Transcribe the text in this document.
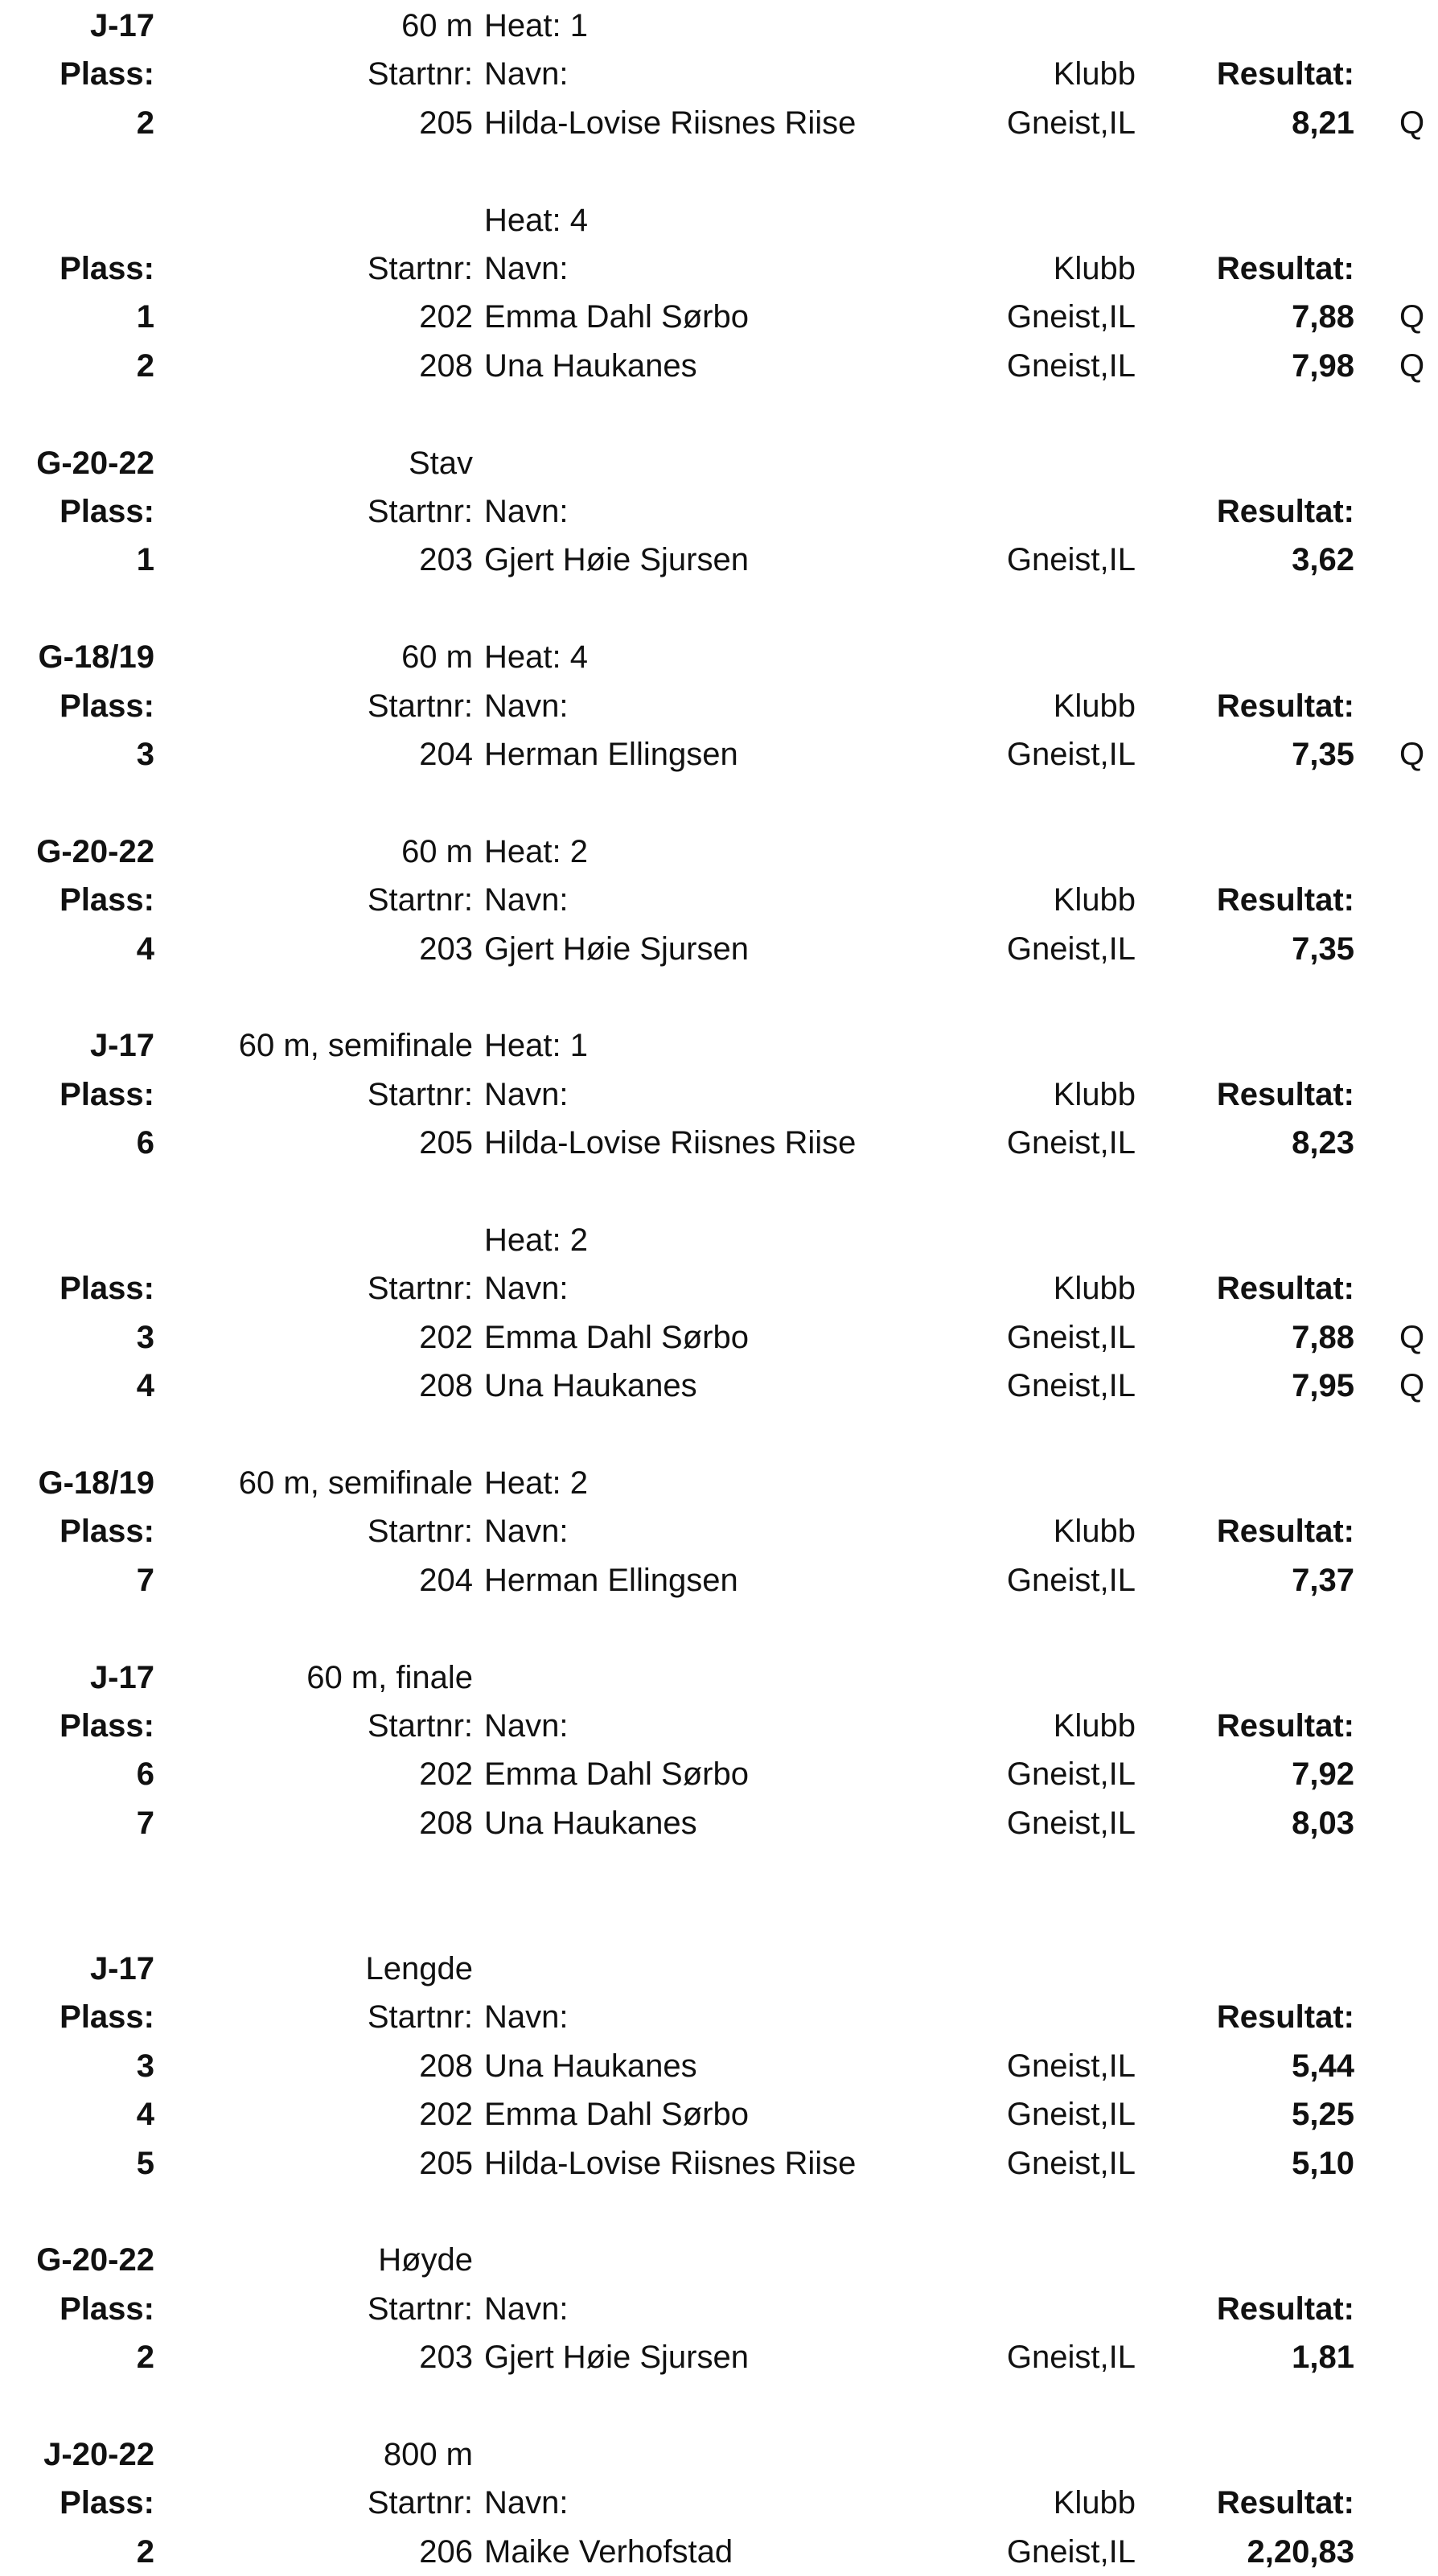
J-17	60 m Heat: 1
Plass:	Startnr: Navn:	Klubb	Resultat:
2	205 Hilda-Lovise Riisnes Riise	Gneist,IL	8,21 Q
Heat: 4
Plass:	Startnr: Navn:	Klubb	Resultat:
1	202 Emma Dahl Sørbo	Gneist,IL	7,88 Q
2	208 Una Haukanes	Gneist,IL	7,98 Q
G-20-22	Stav
Plass:	Startnr: Navn:	Resultat:
1	203 Gjert Høie Sjursen	Gneist,IL	3,62
G-18/19	60 m Heat: 4
Plass:	Startnr: Navn:	Klubb	Resultat:
3	204 Herman Ellingsen	Gneist,IL	7,35 Q
G-20-22	60 m Heat: 2
Plass:	Startnr: Navn:	Klubb	Resultat:
4	203 Gjert Høie Sjursen	Gneist,IL	7,35
J-17	60 m, semifinale Heat: 1
Plass:	Startnr: Navn:	Klubb	Resultat:
6	205 Hilda-Lovise Riisnes Riise	Gneist,IL	8,23
Heat: 2
Plass:	Startnr: Navn:	Klubb	Resultat:
3	202 Emma Dahl Sørbo	Gneist,IL	7,88 Q
4	208 Una Haukanes	Gneist,IL	7,95 Q
G-18/19	60 m, semifinale Heat: 2
Plass:	Startnr: Navn:	Klubb	Resultat:
7	204 Herman Ellingsen	Gneist,IL	7,37
J-17	60 m, finale
Plass:	Startnr: Navn:	Klubb	Resultat:
6	202 Emma Dahl Sørbo	Gneist,IL	7,92
7	208 Una Haukanes	Gneist,IL	8,03
J-17	Lengde
Plass:	Startnr: Navn:	Resultat:
3	208 Una Haukanes	Gneist,IL	5,44
4	202 Emma Dahl Sørbo	Gneist,IL	5,25
5	205 Hilda-Lovise Riisnes Riise	Gneist,IL	5,10
G-20-22	Høyde
Plass:	Startnr: Navn:	Resultat:
2	203 Gjert Høie Sjursen	Gneist,IL	1,81
J-20-22	800 m
Plass:	Startnr: Navn:	Klubb	Resultat:
2	206 Maike Verhofstad	Gneist,IL	2,20,83
